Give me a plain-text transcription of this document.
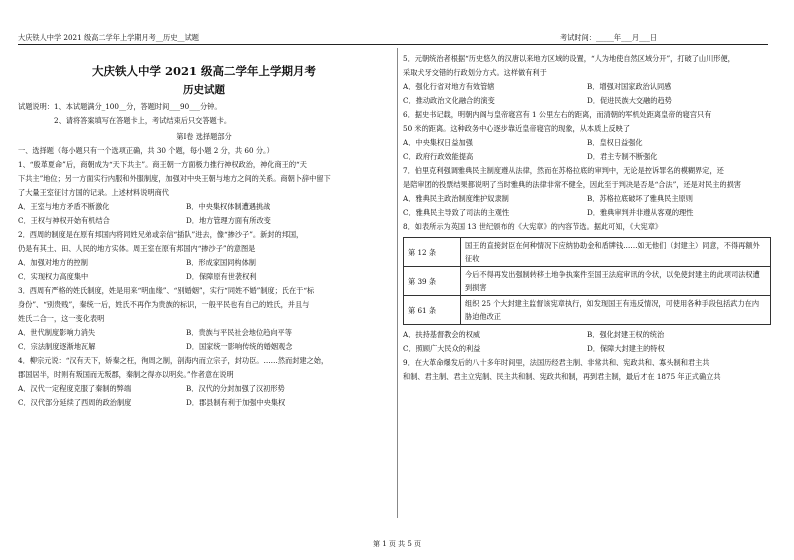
大庆铁人中学 2021 级高二学年上学期月考__历史__试题	考试时间：_____年___月___日
大庆铁人中学 2021 级高二学年上学期月考
历史试题
试题说明：1、本试题满分_100__分，答题时间___90___分钟。
2、请将答案填写在答题卡上，考试结束后只交答题卡。
第Ⅰ卷 选择题部分
一、选择题（每小题只有一个选项正确，共 30 个题，每小题 2 分，共 60 分。）
1、“殷革夏命”后，商朝成为“天下共主”。商王朝一方面极力推行神权政治，神化商王的“天
下共主”地位；另一方面实行内服和外服制度，加强对中央王朝与地方之间的关系。商朝卜辞中留下
了大量王室征讨方国的记录。上述材料说明商代
A．王室与地方矛盾不断激化	B．中央集权体制遭遇挑战
C．王权与神权开始有机结合	D．地方管理方面有所改变
2．西周的制度是在原有邦国内将同姓兄弟或亲信“插队”进去，像“掺沙子”。新封的邦国，
仍是有其土、田、人民的地方实体。周王室在原有邦国内“掺沙子”的意图是
A．加强对地方的控制	B．形成家国同构体制
C．实现权力高度集中	D．保障原有世袭权利
3．西周有严格的姓氏制度，姓是用来“明血缘”、“别婚姻”，实行“同姓不婚”制度；氏在于“标
身份”、“别贵贱”，秦统一后，姓氏不再作为贵族的标识，一般平民也有自己的姓氏，并且与
姓氏二合一，这一变化表明
A．世代制度影响力消失	B．贵族与平民社会地位趋向平等
C．宗法制度逐渐地瓦解	D．国家统一影响传统的婚姻观念
4．柳宗元说：“汉有天下，矫秦之枉，徇周之制，剖海内而立宗子，封功臣。……然而封建之始，
郡国居半，时则有叛国而无叛郡，秦制之得亦以明矣。”作者意在说明
A．汉代一定程度克服了秦制的弊端	B．汉代的分封加强了汉初形势
C．汉代部分延续了西周的政治制度	D．郡县制有利于加强中央集权
5．元朝统治者根据“历史悠久的汉唐以来地方区域的设置，“人为地使自然区域分开”，打破了山川形便，
采取犬牙交错的行政划分方式。这样做有利于
A．强化行省对地方有效管辖	B．增强对国家政治认同感
C．推动政治文化融合的演变	D．促进民族大交融的趋势
6．据史书记载，明朝内阁与皇帝寝宫有 1 公里左右的距离，而清朝的军机处距离皇帝的寝宫只有
50 米的距离。这种政务中心逐步靠近皇帝寝宫的现象，从本质上反映了
A．中央集权日益加强	B．皇权日益强化
C．政府行政效能提高	D．君主专制不断强化
7．伯里克利强调雅典民主制度遵从法律，然而在苏格拉底的审判中，无论是控诉罪名的模糊界定，还
是陪审团的投票结果都说明了当时雅典的法律非常不健全，因此至于判决是否是“合法”，还是对民主的损害
A．雅典民主政治制度维护奴隶制	B．苏格拉底破坏了雅典民主原则
C．雅典民主导致了司法的主观性	D．雅典审判并非遵从客观的理性
8．如表所示为英国 13 世纪颁布的《大宪章》的内容节选。据此可知，《大宪章》
第 12 条	国王的直接封臣在何种情况下应纳协助金和盾牌钱……如无他们（封建主）同意，不得再额外征收
第 39 条	今后不得再发出强制转移土地争执案件至国王法庭审讯的令状，以免使封建主的此项司法权遭到损害
第 61 条	组织 25 个大封建主监督该宪章执行，如发现国王有违反情况，可使用各种手段包括武力在内胁迫他改正
A．扶持基督教会的权威	B．强化封建王权的统治
C．照顾广大民众的利益	D．保障大封建主的特权
9．在大革命爆发后的八十多年时间里，法国历经君主制、非常共和、宪政共和、寡头制和君主共
和制、君主制、君主立宪制、民主共和制、宪政共和制，再到君主制，最后才在 1875 年正式确立共
第 1 页 共 5 页
